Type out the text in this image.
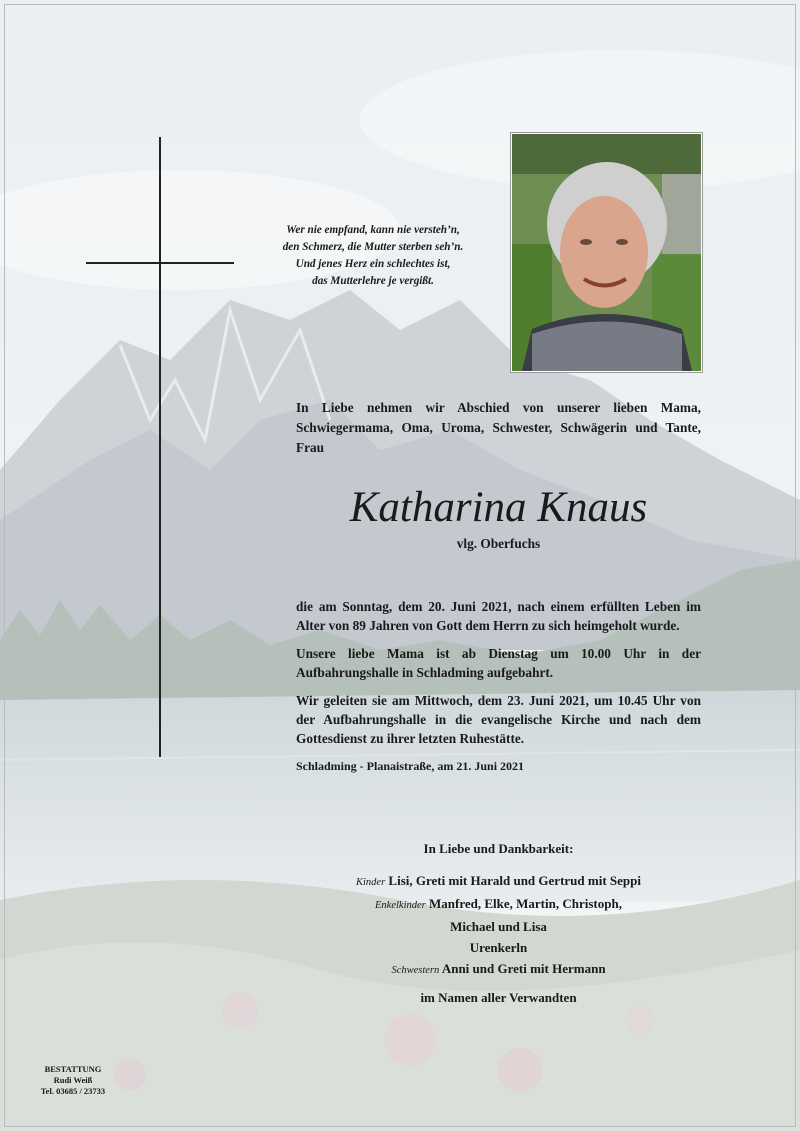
Wer nie empfand, kann nie versteh’n,
den Schmerz, die Mutter sterben seh’n.
Und jenes Herz ein schlechtes ist,
das Mutterlehre je vergißt.
In Liebe nehmen wir Abschied von unserer lieben Mama, Schwiegermama, Oma, Uroma, Schwester, Schwägerin und Tante, Frau
Katharina Knaus
vlg. Oberfuchs

die am Sonntag, dem 20. Juni 2021, nach einem erfüllten Leben im Alter von 89 Jahren von Gott dem Herrn zu sich heimgeholt wurde.

Unsere liebe Mama ist ab Dienstag um 10.00 Uhr in der Aufbahrungshalle in Schladming aufgebahrt.

Wir geleiten sie am Mittwoch, dem 23. Juni 2021, um 10.45 Uhr von der Aufbahrungshalle in die evangelische Kirche und nach dem Gottesdienst zu ihrer letzten Ruhestätte.

Schladming - Planaistraße, am 21. Juni 2021

In Liebe und Dankbarkeit:
Kinder Lisi, Greti mit Harald und Gertrud mit Seppi
Enkelkinder Manfred, Elke, Martin, Christoph,
Michael und Lisa
Urenkerln
Schwestern Anni und Greti mit Hermann
im Namen aller Verwandten
BESTATTUNG
Rudi Weiß
Tel. 03685 / 23733
